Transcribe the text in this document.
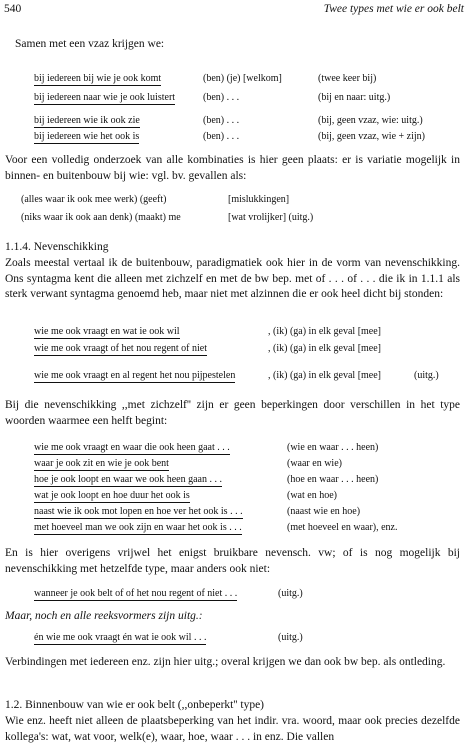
540	Twee types met wie er ook belt
Samen met een vzaz krijgen we:
bij iedereen bij wie je ook komt	(ben) (je) [welkom]	(twee keer bij)
bij iedereen naar wie je ook luistert	(ben) . . .	(bij en naar: uitg.)
bij iedereen wie ik ook zie	(ben) . . .	(bij, geen vzaz, wie: uitg.)
bij iedereen wie het ook is	(ben) . . .	(bij, geen vzaz, wie + zijn)
Voor een volledig onderzoek van alle kombinaties is hier geen plaats: er is variatie mogelijk in binnen- en buitenbouw bij wie: vgl. bv. gevallen als:
(alles waar ik ook mee werk) (geeft)	[mislukkingen]
(niks waar ik ook aan denk) (maakt) me	[wat vrolijker] (uitg.)
1.1.4. Nevenschikking
Zoals meestal vertaal ik de buitenbouw, paradigmatiek ook hier in de vorm van nevenschikking. Ons syntagma kent die alleen met zichzelf en met de bw bep. met of . . . of . . . die ik in 1.1.1 als sterk verwant syntagma genoemd heb, maar niet met alzinnen die er ook heel dicht bij stonden:
wie me ook vraagt en wat ie ook wil	, (ik) (ga) in elk geval [mee]
wie me ook vraagt of het nou regent of niet	, (ik) (ga) in elk geval [mee]
wie me ook vraagt en al regent het nou pijpestelen	, (ik) (ga) in elk geval [mee]	(uitg.)
Bij die nevenschikking ,,met zichzelf'' zijn er geen beperkingen door verschillen in het type woorden waarmee een helft begint:
wie me ook vraagt en waar die ook heen gaat . . .	(wie en waar . . . heen)
waar je ook zit en wie je ook bent	(waar en wie)
hoe je ook loopt en waar we ook heen gaan . . .	(hoe en waar . . . heen)
wat je ook loopt en hoe duur het ook is	(wat en hoe)
naast wie ik ook mot lopen en hoe ver het ook is . . .	(naast wie en hoe)
met hoeveel man we ook zijn en waar het ook is . . .	(met hoeveel en waar), enz.
En is hier overigens vrijwel het enigst bruikbare nevensch. vw; of is nog mogelijk bij nevenschikking met hetzelfde type, maar anders ook niet:
wanneer je ook belt of of het nou regent of niet . . .	(uitg.)
Maar, noch en alle reeksvormers zijn uitg.:
én wie me ook vraagt én wat ie ook wil . . .	(uitg.)
Verbindingen met iedereen enz. zijn hier uitg.; overal krijgen we dan ook bw bep. als ontleding.
1.2. Binnenbouw van wie er ook belt (,,onbeperkt'' type)
Wie enz. heeft niet alleen de plaatsbeperking van het indir. vra. woord, maar ook precies dezelfde kollega's: wat, wat voor, welk(e), waar, hoe, waar . . . in enz. Die vallen
